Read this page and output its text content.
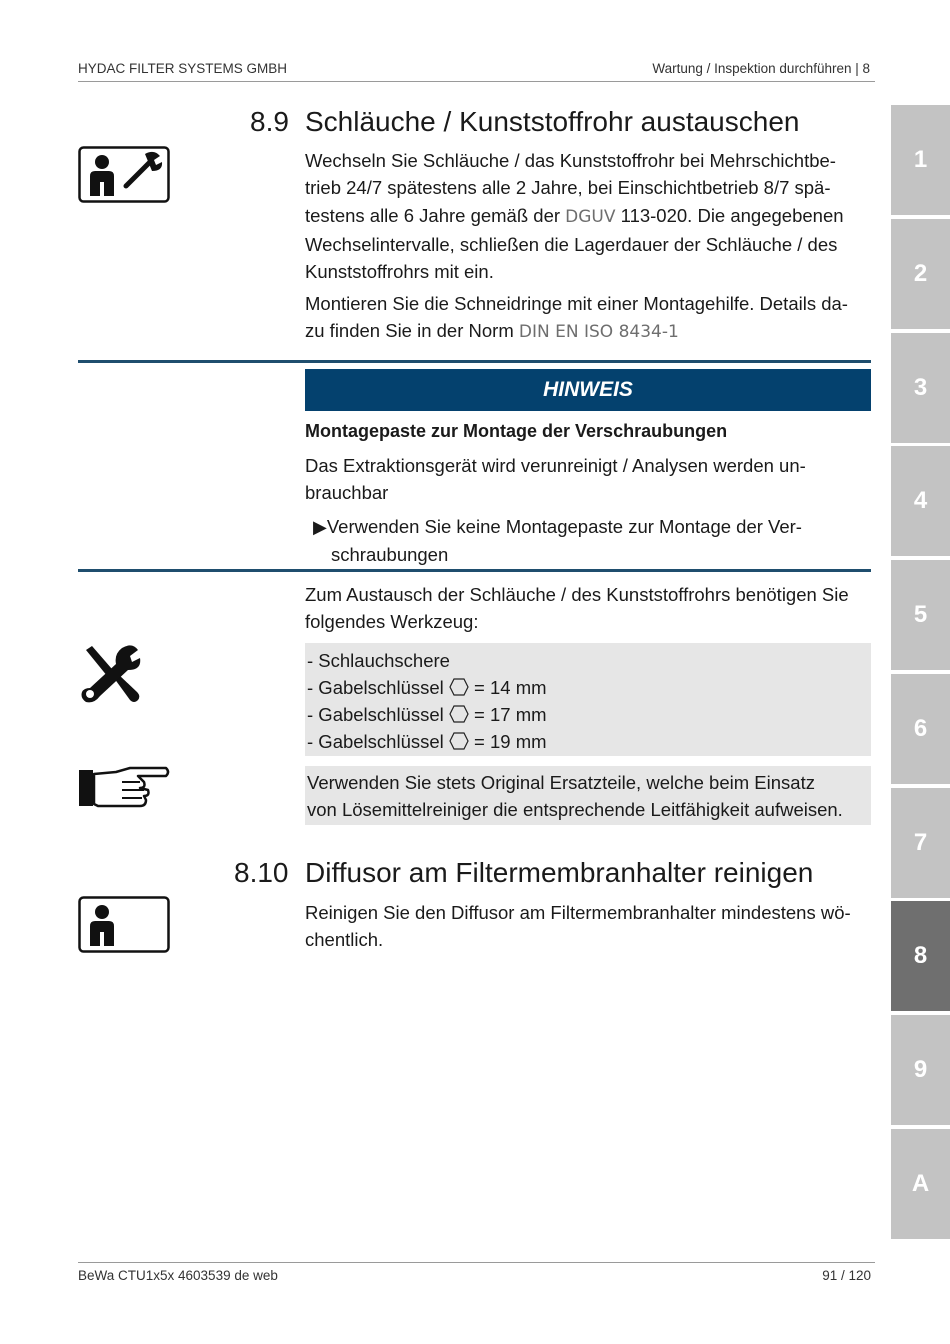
HYDAC FILTER SYSTEMS GMBH	Wartung / Inspektion durchführen | 8
8.9 Schläuche / Kunststoffrohr austauschen
Wechseln Sie Schläuche / das Kunststoffrohr bei Mehrschichtbe-
trieb 24/7 spätestens alle 2 Jahre, bei Einschichtbetrieb 8/7 spä-
testens alle 6 Jahre gemäß der DGUV 113-020. Die angegebenen
Wechselintervalle, schließen die Lagerdauer der Schläuche / des
Kunststoffrohrs mit ein.
Montieren Sie die Schneidringe mit einer Montagehilfe. Details da-
zu finden Sie in der Norm DIN EN ISO 8434-1
HINWEIS
Montagepaste zur Montage der Verschraubungen
Das Extraktionsgerät wird verunreinigt / Analysen werden un-
brauchbar
▶Verwenden Sie keine Montagepaste zur Montage der Ver-
schraubungen
Zum Austausch der Schläuche / des Kunststoffrohrs benötigen Sie
folgendes Werkzeug:
- Schlauchschere
- Gabelschlüssel = 14 mm
- Gabelschlüssel = 17 mm
- Gabelschlüssel = 19 mm
Verwenden Sie stets Original Ersatzteile, welche beim Einsatz
von Lösemittelreiniger die entsprechende Leitfähigkeit aufweisen.
8.10 Diffusor am Filtermembranhalter reinigen
Reinigen Sie den Diffusor am Filtermembranhalter mindestens wö-
chentlich.
1
2
3
4
5
6
7
8
9
A
BeWa CTU1x5x 4603539 de web	91 / 120
